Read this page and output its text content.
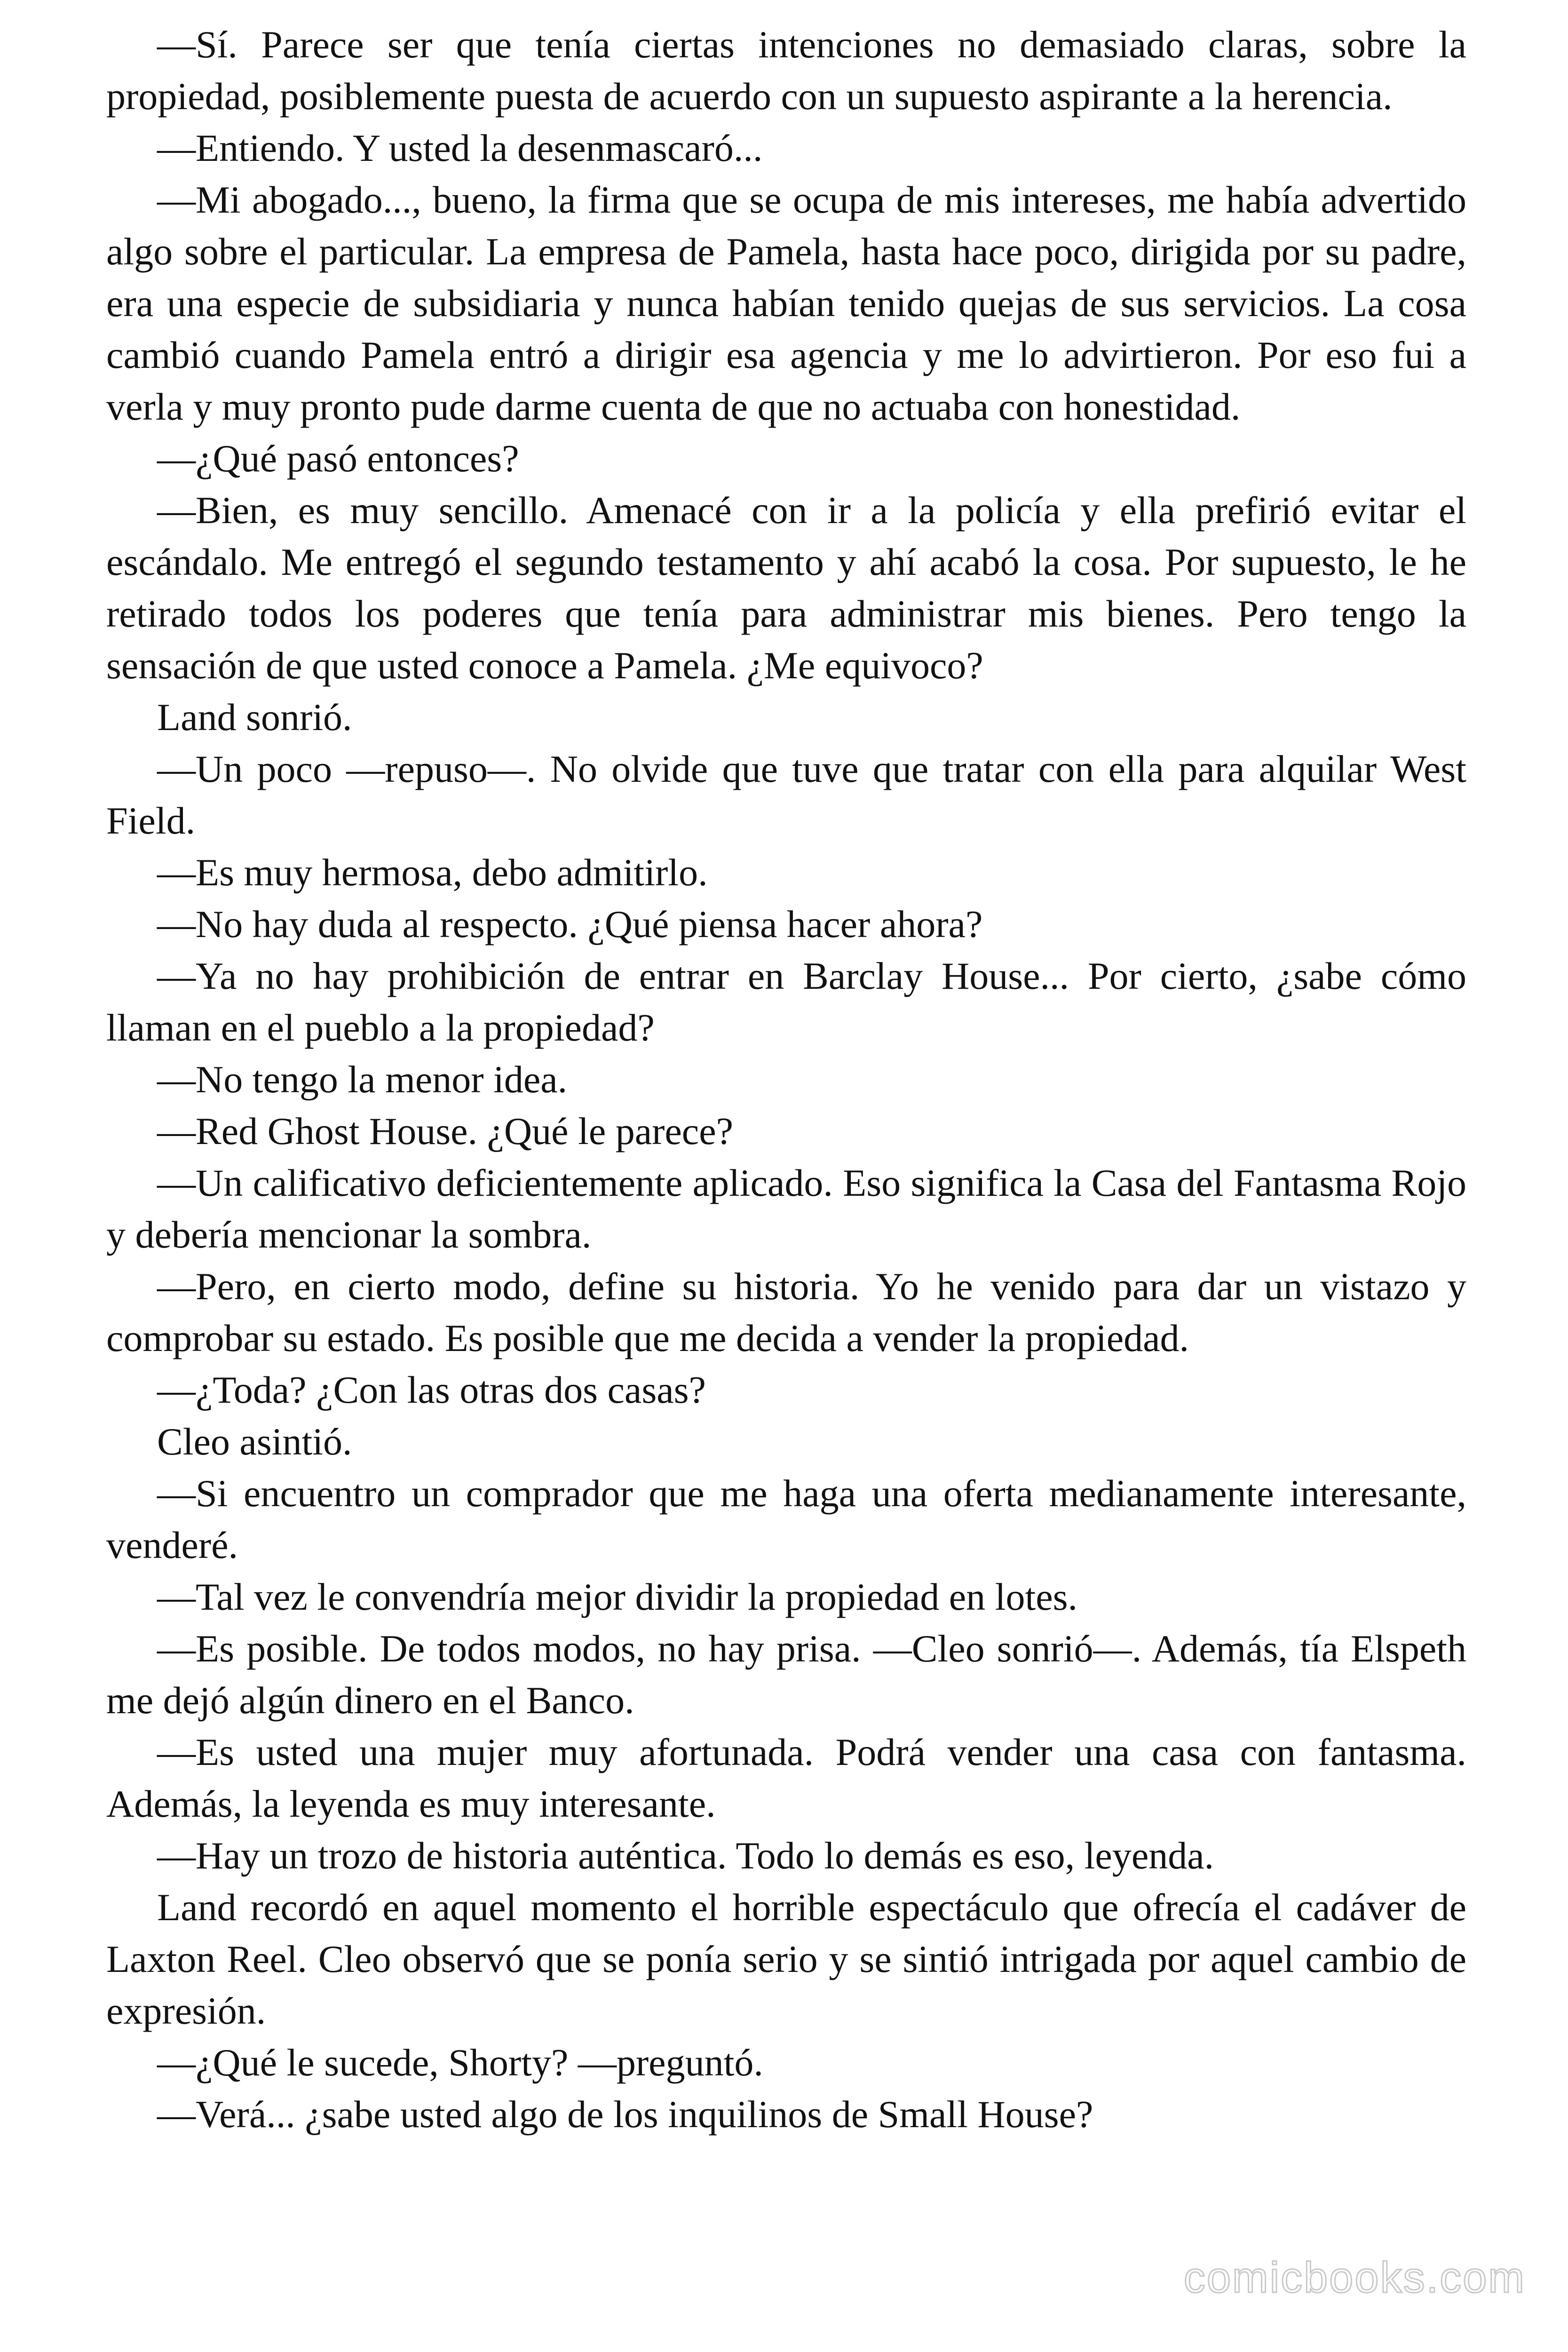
—Sí. Parece ser que tenía ciertas intenciones no demasiado claras, sobre la propiedad, posiblemente puesta de acuerdo con un supuesto aspirante a la herencia.

—Entiendo. Y usted la desenmascaró...

—Mi abogado..., bueno, la firma que se ocupa de mis intereses, me había advertido algo sobre el particular. La empresa de Pamela, hasta hace poco, dirigida por su padre, era una especie de subsidiaria y nunca habían tenido quejas de sus servicios. La cosa cambió cuando Pamela entró a dirigir esa agencia y me lo advirtieron. Por eso fui a verla y muy pronto pude darme cuenta de que no actuaba con honestidad.

—¿Qué pasó entonces?

—Bien, es muy sencillo. Amenacé con ir a la policía y ella prefirió evitar el escándalo. Me entregó el segundo testamento y ahí acabó la cosa. Por supuesto, le he retirado todos los poderes que tenía para administrar mis bienes. Pero tengo la sensación de que usted conoce a Pamela. ¿Me equivoco?

Land sonrió.

—Un poco —repuso—. No olvide que tuve que tratar con ella para alquilar West Field.

—Es muy hermosa, debo admitirlo.

—No hay duda al respecto. ¿Qué piensa hacer ahora?

—Ya no hay prohibición de entrar en Barclay House... Por cierto, ¿sabe cómo llaman en el pueblo a la propiedad?

—No tengo la menor idea.

—Red Ghost House. ¿Qué le parece?

—Un calificativo deficientemente aplicado. Eso significa la Casa del Fantasma Rojo y debería mencionar la sombra.

—Pero, en cierto modo, define su historia. Yo he venido para dar un vistazo y comprobar su estado. Es posible que me decida a vender la propiedad.

—¿Toda? ¿Con las otras dos casas?

Cleo asintió.

—Si encuentro un comprador que me haga una oferta medianamente interesante, venderé.

—Tal vez le convendría mejor dividir la propiedad en lotes.

—Es posible. De todos modos, no hay prisa. —Cleo sonrió—. Además, tía Elspeth me dejó algún dinero en el Banco.

—Es usted una mujer muy afortunada. Podrá vender una casa con fantasma. Además, la leyenda es muy interesante.

—Hay un trozo de historia auténtica. Todo lo demás es eso, leyenda.

Land recordó en aquel momento el horrible espectáculo que ofrecía el cadáver de Laxton Reel. Cleo observó que se ponía serio y se sintió intrigada por aquel cambio de expresión.

—¿Qué le sucede, Shorty? —preguntó.

—Verá... ¿sabe usted algo de los inquilinos de Small House?

comicbooks.com
